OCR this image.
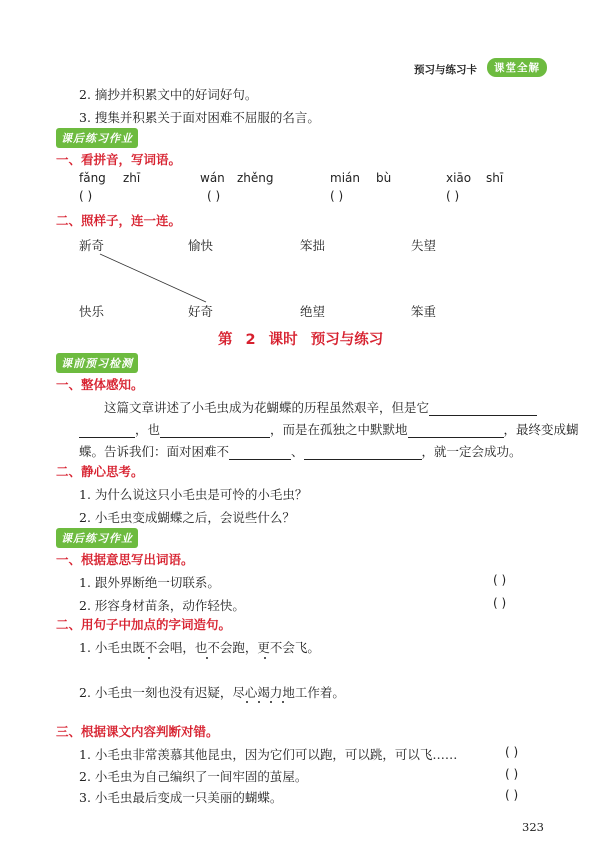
预习与练习卡	课堂全解
2. 摘抄并积累文中的好词好句。
3. 搜集并积累关于面对困难不屈服的名言。
课后练习作业
一、看拼音，写词语。
fǎng zhī	wán zhěng	mián bù	xiāo shī
( )	( )	( )	( )
二、照样子，连一连。
新奇	愉快	笨拙	失望
快乐	好奇	绝望	笨重
第 2 课时 预习与练习
课前预习检测
一、整体感知。
这篇文章讲述了小毛虫成为花蝴蝶的历程虽然艰辛，但是它
，也	，而是在孤独之中默默地	，最终变成蝴
蝶。告诉我们：面对困难不	、	，就一定会成功。
二、静心思考。
1. 为什么说这只小毛虫是可怜的小毛虫？
2. 小毛虫变成蝴蝶之后，会说些什么？
课后练习作业
一、根据意思写出词语。
1. 跟外界断绝一切联系。	( )
2. 形容身材苗条，动作轻快。	( )
二、用句子中加点的字词造句。
1. 小毛虫既不会唱，也不会跑，更不会飞。
2. 小毛虫一刻也没有迟疑，尽心竭力地工作着。
三、根据课文内容判断对错。
1. 小毛虫非常羡慕其他昆虫，因为它们可以跑，可以跳，可以飞……	( )
2. 小毛虫为自己编织了一间牢固的茧屋。	( )
3. 小毛虫最后变成一只美丽的蝴蝶。	( )
323
